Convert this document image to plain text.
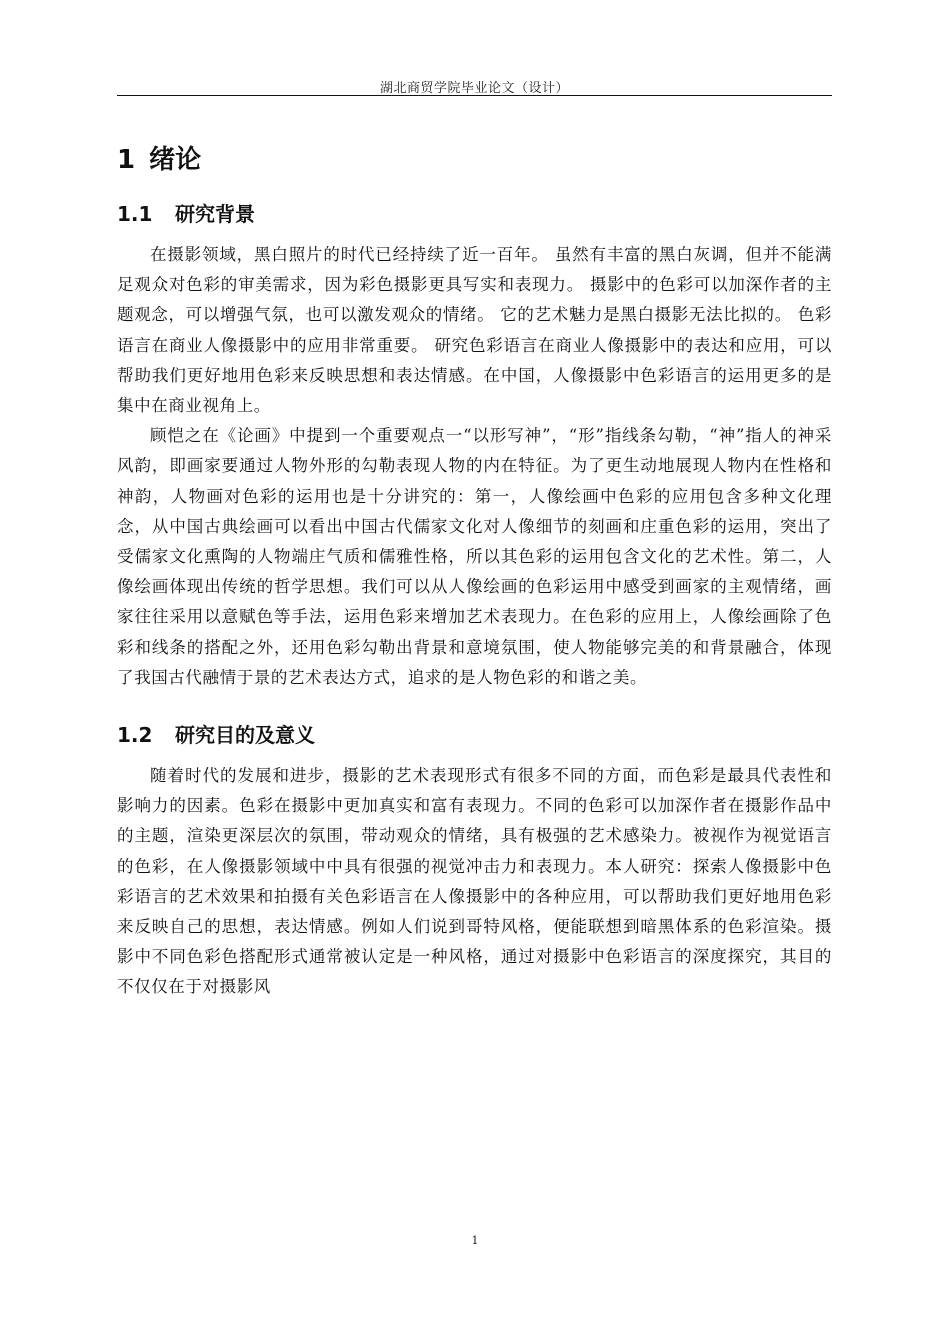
湖北商贸学院毕业论文（设计）
1 绪论
1.1	研究背景

在摄影领域，黑白照片的时代已经持续了近一百年。 虽然有丰富的黑白灰调，但并不能满足观众对色彩的审美需求，因为彩色摄影更具写实和表现力。 摄影中的色彩可以加深作者的主题观念，可以增强气氛，也可以激发观众的情绪。 它的艺术魅力是黑白摄影无法比拟的。 色彩语言在商业人像摄影中的应用非常重要。 研究色彩语言在商业人像摄影中的表达和应用，可以帮助我们更好地用色彩来反映思想和表达情感。在中国，人像摄影中色彩语言的运用更多的是集中在商业视角上。

顾恺之在《论画》中提到一个重要观点一“以形写神”，“形”指线条勾勒，“神”指人的神采风韵，即画家要通过人物外形的勾勒表现人物的内在特征。为了更生动地展现人物内在性格和神韵，人物画对色彩的运用也是十分讲究的：第一，人像绘画中色彩的应用包含多种文化理念，从中国古典绘画可以看出中国古代儒家文化对人像细节的刻画和庄重色彩的运用，突出了受儒家文化熏陶的人物端庄气质和儒雅性格，所以其色彩的运用包含文化的艺术性。第二，人像绘画体现出传统的哲学思想。我们可以从人像绘画的色彩运用中感受到画家的主观情绪，画家往往采用以意赋色等手法，运用色彩来增加艺术表现力。在色彩的应用上，人像绘画除了色彩和线条的搭配之外，还用色彩勾勒出背景和意境氛围，使人物能够完美的和背景融合，体现了我国古代融情于景的艺术表达方式，追求的是人物色彩的和谐之美。

1.2	研究目的及意义

随着时代的发展和进步，摄影的艺术表现形式有很多不同的方面，而色彩是最具代表性和影响力的因素。色彩在摄影中更加真实和富有表现力。不同的色彩可以加深作者在摄影作品中的主题，渲染更深层次的氛围，带动观众的情绪，具有极强的艺术感染力。被视作为视觉语言的色彩，在人像摄影领域中中具有很强的视觉冲击力和表现力。本人研究：探索人像摄影中色彩语言的艺术效果和拍摄有关色彩语言在人像摄影中的各种应用，可以帮助我们更好地用色彩来反映自己的思想，表达情感。例如人们说到哥特风格，便能联想到暗黑体系的色彩渲染。摄影中不同色彩色搭配形式通常被认定是一种风格，通过对摄影中色彩语言的深度探究，其目的不仅仅在于对摄影风

1
